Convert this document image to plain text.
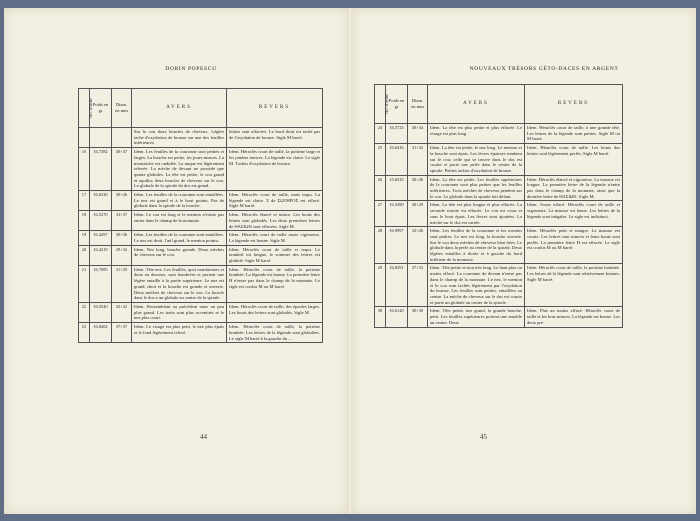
DORIN POPESCU
No. d'ordre	Poids en gr	Diam. en mm	AVERS	REVERS
			Sur le cou deux boucles de cheveux. Légère tache d'oxydation de bronze sur une des feuilles inférieures.	lettres sont effacées. Le bord droit est taché par de l'oxydation de bronze. Sigle M barré.
16	16,7382	30×37	Idem. Les feuilles de la couronne sont petites et larges. La bouche est petite, les joues minces. La moustache est ondulée. La nuque est légèrement relevée. La mèche de devant ne possède que quatre globules. La tête est petite, le cou grand et aquilin; deux boucles de cheveux sur le cou. Le globule de la spirale du dos est grand.	Idem. Héraclès court de taille, la poitrine large et les jambes minces. La légende est claire. Le sigle M. Taches d'oxydation de bronze.
17	16,6520	30×26	Idem. Les feuilles de la couronne sont entaillées. Le nez est grand et à le bout pointu. Pas de globule dans la spirale de la bouche.	Idem. Héraclès court de taille, mais trapu. La légende est claire. Σ de ΣΩΤΗΡΟΣ est effacé. Sigle M barré.
18	16,5270	33×37	Idem. Le cou est long et le menton n'existe pas entier dans le champ de la monnaie.	Idem. Héraclès élancé et mince. Les bouts des lettres sont globulés. Les deux premières lettres de ΘΑΣΙΩΝ sont effacées. Sigle M.
19	16,4297	30×36	Idem. Les feuilles de la couronne sont entaillées. Le nez est droit, l'œil grand, le menton pointu.	Idem. Héraclès court de taille assez vigoureux. La légende est bonne. Sigle M.
20	16,4219	29×32	Idem. Nez long, bouche grande. Deux mèches de cheveux sur le cou.	Idem. Héraclès court de taille et trapu. Le nombril est longue, le sommet des lettres est globulé. Sigle M barré.
21	16,7085	31×35	Idem. Tête nez. Les feuilles, quoi nombreuses et deux en dessous, sont hombrées et portent une légère entaille à la partie supérieure. Le nez est grand, droit et la bouche est grande et ouverte. Deux mèches de cheveux sur le cou. La boucle dans le dos a un globule au centre de la spirale.	Idem. Héraclès court de taille, la poitrine bombée. La légende est bonne. La première lettre H n'entre pas dans le champ de la monnaie. Le sigle est confus M ou M barré.
22	16,5540	32×22	Idem. Ressemblant au précédent mais un peu plus grand. Les traits sont plus accentués et le nez plus court.	Idem. Héraclès court de taille, des épaules larges. Les bouts des lettres sont globulés. Sigle M.
23	16,8402	37×37	Idem. Le visage est plus petit, le nez plus épais et le fond légèrement relevé.	Idem. Héraclès court de taille, la poitrine bombée. Les lettres de la légende sont globulées. Le sigle M barré à la gauche du ...
44
NOUVEAUX TRÉSORS GÉTO-DACES EN ARGENT
No. d'ordre	Poids en gr	Diam. en mm	AVERS	REVERS
24	16,5723	30×34	Idem. La tête est plus petite et plus effacée. Le visage est plus long.	Idem. Héraclès court de taille, à une grande tête. Les lettres de la légende sont petites. Sigle M ou M barré.
25	16,6416	31×32	Idem. La tête est petite, le nez long. Le menton et la bouche sont épais. Les lèvres épaisses tombent sur le cou; celle qui se trouve dans le dos est courte et porte une perle dans le centre de la spirale. Petites taches d'oxydation de bronze.	Idem. Héraclès court de taille. Les bouts des lettres sont légèrement perlés. Sigle M barré.
26	15,6525	30×26	Idem. La tête est petite. Les feuilles supérieures de la couronne sont plus petites que les feuilles inférieures. Trois mèches de cheveux pendent sur le cou. Le globule dans la spirale fait défaut.	Idem. Héraclès élancé et vigoureux. La massue est longue. La première lettre de la légende n'entre pas dans le champ de la monnaie, ainsi que la dernière lettre de ΘΑΣΙΩΝ. Sigle M.
27	16,5490	30×29	Idem. La tête est plus longue et plus effacée. La seconde rosette est effacée. Le cou est court et sans le bout épais. Les lèvres sont ajoutées. La mèche sur le dos est carrée.	Idem. Assez effacé. Héraclès court de taille et vigoureux. La massue est haute. Les lettres de la légende sont inégales. Le sigle est indistinct.
28	16,9997	32×26	Idem. Les feuilles de la couronne et les rosettes sont petites. Le nez est long, la bouche ouverte. Sur le cou deux mèches de cheveux bien liées. Le globule dans la perle au centre de la spirale. Deux légères entailles à droite et à gauche du bord inférieur de la monnaie.	Idem. Héraclès petit et maigre. La massue est courte. Les lettres sont minces et leurs bouts sont perlés. La première lettre H est effacée. Le sigle est confus M ou M barré.
29	16,6591	37×33	Idem. Tête petite et non très long. Le haut plus ou moins effacé. La couronne de devant n'entre pas dans le champ de la monnaie. Le nez, le menton et le cou sont tachés légèrement par l'oxydation du bronze. Les feuilles sont petites, entaillées au centre. La mèche de cheveux sur le dos est courte et porte un globule au centre de la spirale.	Idem. Héraclès court de taille, la poitrine bombée. Les lettres de la légende sont relativement bonnes. Sigle M barré.
30	16,6120	30×30	Idem. Tête petite, nez grand, la grande bouche, petit. Les feuilles supérieures portent une entaille au centre. Deux	Idem. Plus au moins effacé. Héraclès court de taille et les bras minces. La légende est bonne. Les deux pre-
45
